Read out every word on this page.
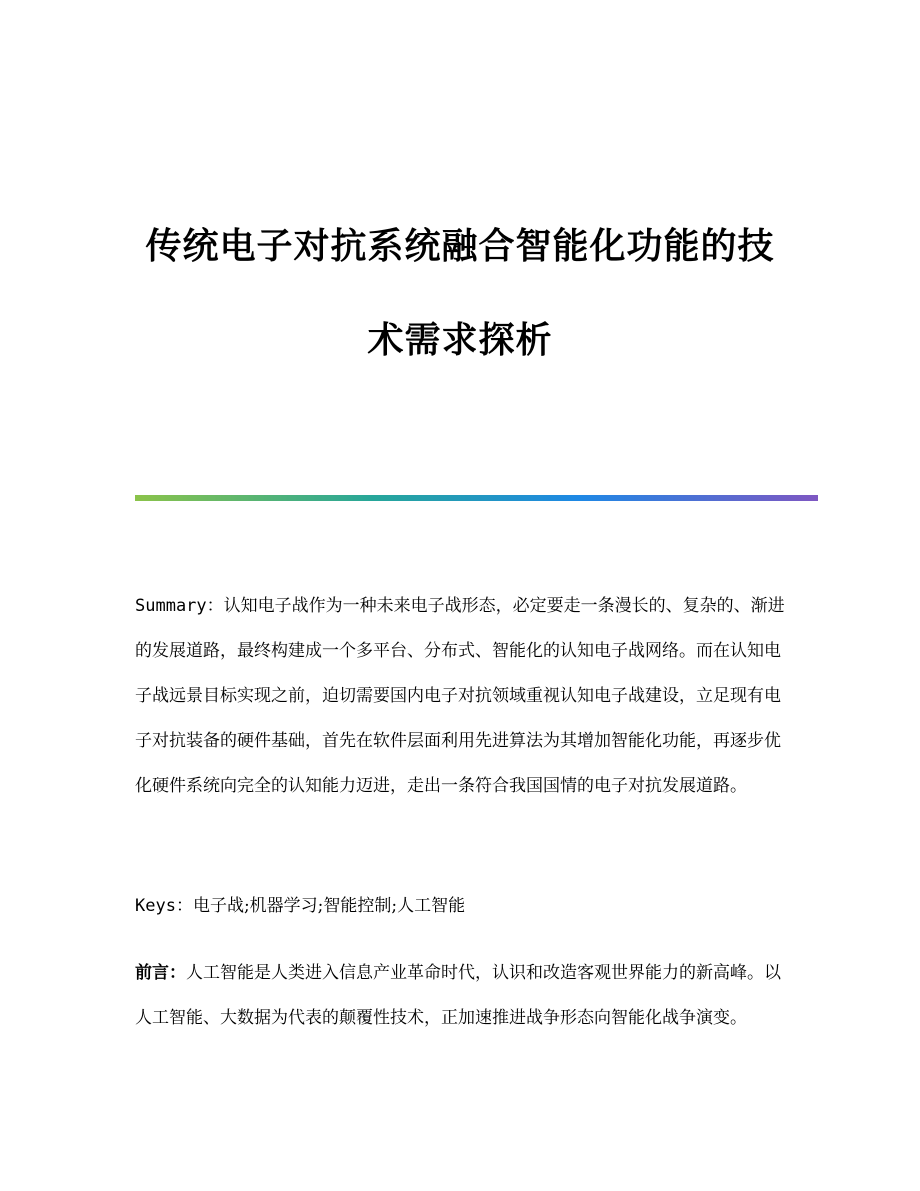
传统电子对抗系统融合智能化功能的技
术需求探析

Summary：认知电子战作为一种未来电子战形态，必定要走一条漫长的、复杂的、渐进的发展道路，最终构建成一个多平台、分布式、智能化的认知电子战网络。而在认知电子战远景目标实现之前，迫切需要国内电子对抗领域重视认知电子战建设，立足现有电子对抗装备的硬件基础，首先在软件层面利用先进算法为其增加智能化功能，再逐步优化硬件系统向完全的认知能力迈进，走出一条符合我国国情的电子对抗发展道路。

Keys：电子战;机器学习;智能控制;人工智能

前言：人工智能是人类进入信息产业革命时代，认识和改造客观世界能力的新高峰。以人工智能、大数据为代表的颠覆性技术，正加速推进战争形态向智能化战争演变。
